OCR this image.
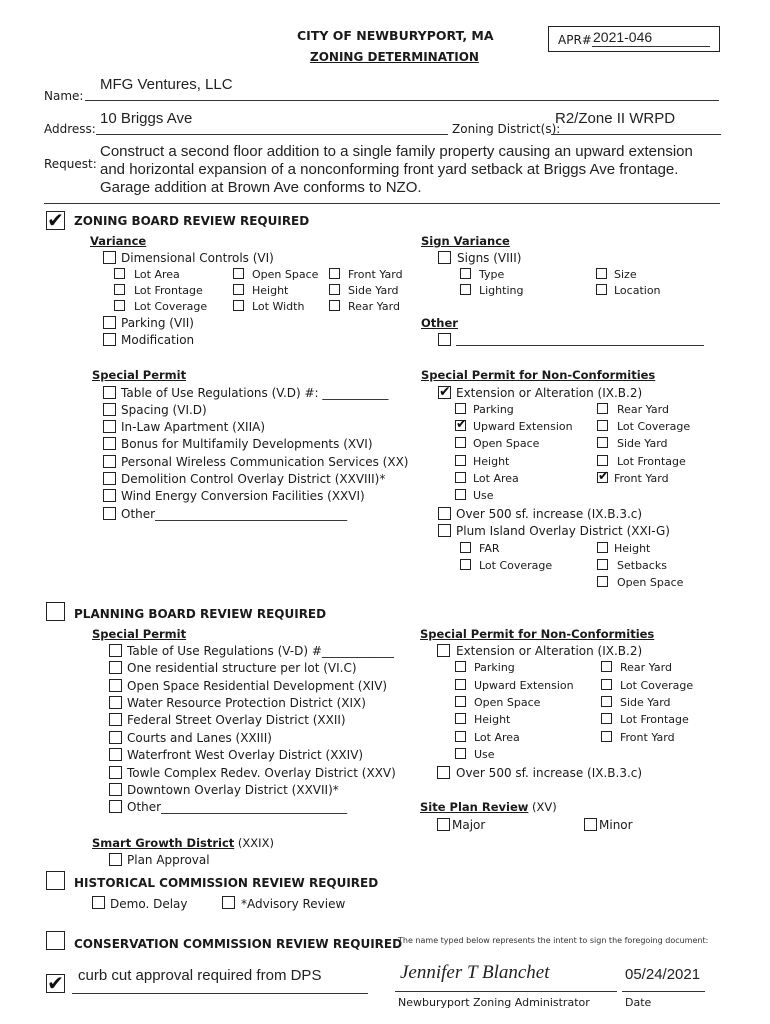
CITY OF NEWBURYPORT, MA
ZONING DETERMINATION
APR# 2021-046
Name:
MFG Ventures, LLC
Address:
10 Briggs Ave
Zoning District(s):
R2/Zone II WRPD
Request:
Construct a second floor addition to a single family property causing an upward extension
and horizontal expansion of a nonconforming front yard setback at Briggs Ave frontage.
Garage addition at Brown Ave conforms to NZO.
✔ ZONING BOARD REVIEW REQUIRED
Variance
Dimensional Controls (VI)
Lot Area
Lot Frontage
Lot Coverage
Open Space
Height
Lot Width
Front Yard
Side Yard
Rear Yard
Parking (VII)
Modification
Sign Variance
Signs (VIII)
Type
Lighting
Size
Location
Other
Special Permit
Table of Use Regulations (V.D) #: ___________
Spacing (VI.D)
In-Law Apartment (XIIA)
Bonus for Multifamily Developments (XVI)
Personal Wireless Communication Services (XX)
Demolition Control Overlay District (XXVIII)*
Wind Energy Conversion Facilities (XXVI)
Other________________________________
Special Permit for Non-Conformities
✔ Extension or Alteration (IX.B.2)
Parking
✔ Upward Extension
Open Space
Height
Lot Area
Use
Rear Yard
Lot Coverage
Side Yard
Lot Frontage
✔ Front Yard
Over 500 sf. increase (IX.B.3.c)
Plum Island Overlay District (XXI-G)
FAR
Lot Coverage
Height
Setbacks
Open Space
PLANNING BOARD REVIEW REQUIRED
Special Permit
Table of Use Regulations (V-D) #____________
One residential structure per lot (VI.C)
Open Space Residential Development (XIV)
Water Resource Protection District (XIX)
Federal Street Overlay District (XXII)
Courts and Lanes (XXIII)
Waterfront West Overlay District (XXIV)
Towle Complex Redev. Overlay District (XXV)
Downtown Overlay District (XXVII)*
Other_______________________________
Special Permit for Non-Conformities
Extension or Alteration (IX.B.2)
Parking
Upward Extension
Open Space
Height
Lot Area
Use
Rear Yard
Lot Coverage
Side Yard
Lot Frontage
Front Yard
Over 500 sf. increase (IX.B.3.c)
Site Plan Review (XV)
Major	Minor
Smart Growth District (XXIX)
Plan Approval
HISTORICAL COMMISSION REVIEW REQUIRED
Demo. Delay	*Advisory Review
CONSERVATION COMMISSION REVIEW REQUIRED
The name typed below represents the intent to sign the foregoing document:
✔ curb cut approval required from DPS	Jennifer T Blanchet	05/24/2021
Newburyport Zoning Administrator	Date
